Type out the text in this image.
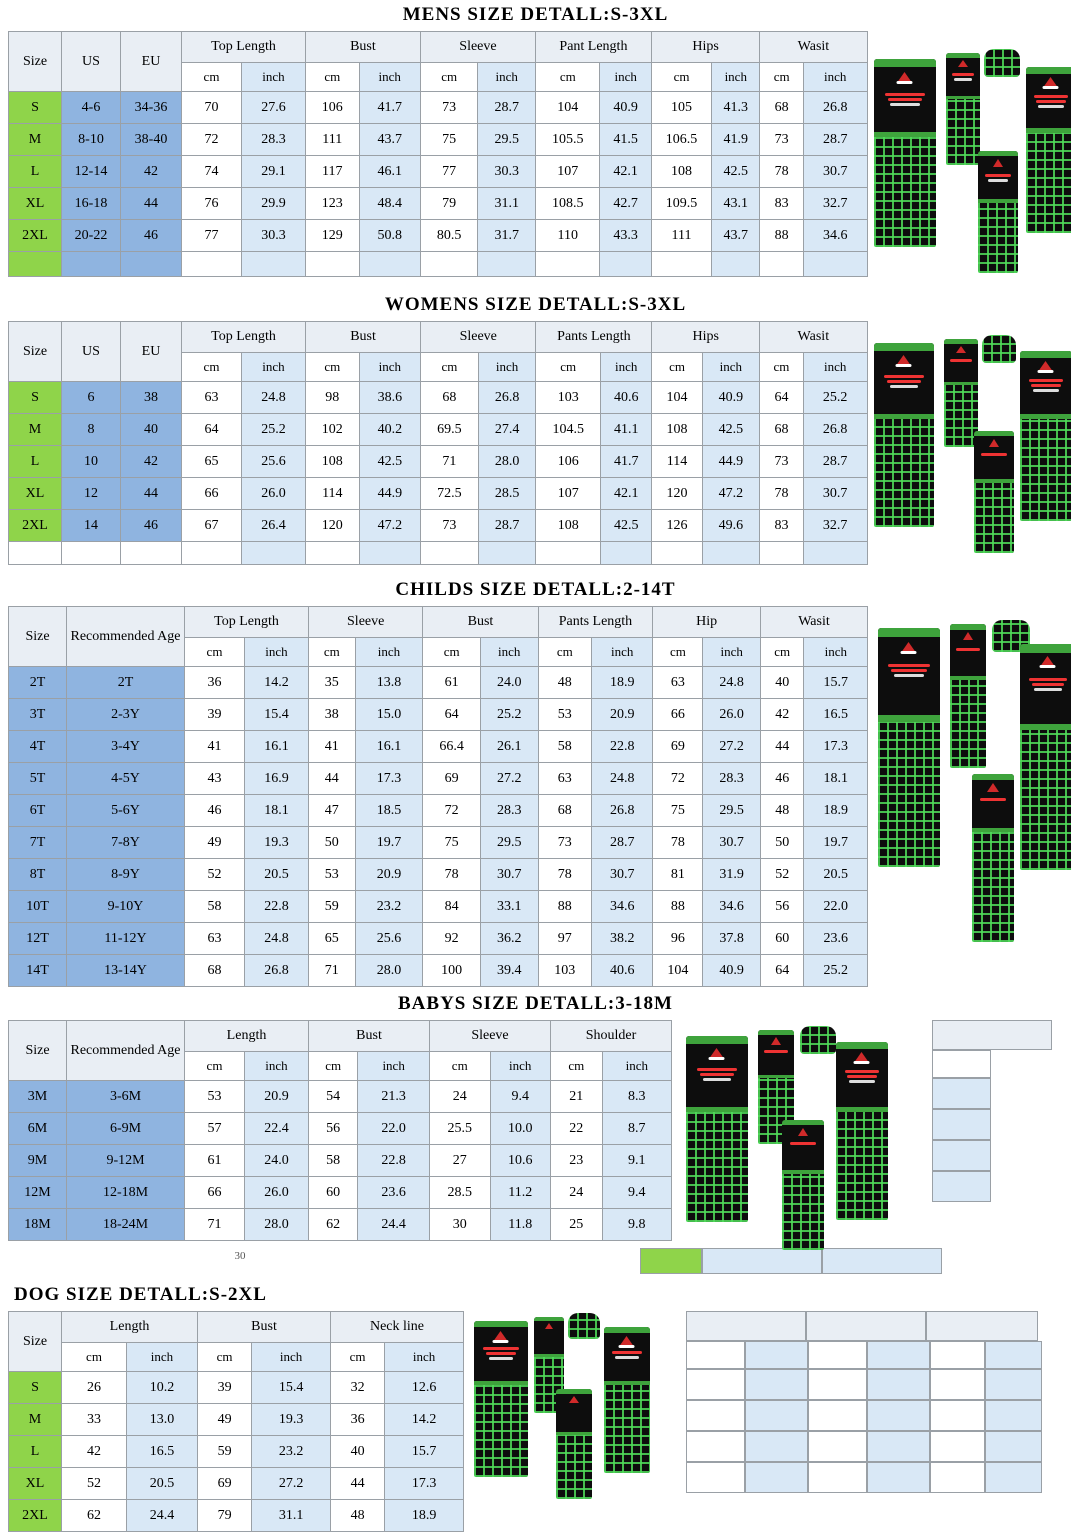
MENS SIZE DETALL:S-3XL
Size	US	EU	Top Length		Bust		Sleeve		Pant Length		Hips		Wasit	
			cm	inch	cm	inch	cm	inch	cm	inch	cm	inch	cm	inch
S	4-6	34-36	70	27.6	106	41.7	73	28.7	104	40.9	105	41.3	68	26.8
M	8-10	38-40	72	28.3	111	43.7	75	29.5	105.5	41.5	106.5	41.9	73	28.7
L	12-14	42	74	29.1	117	46.1	77	30.3	107	42.1	108	42.5	78	30.7
XL	16-18	44	76	29.9	123	48.4	79	31.1	108.5	42.7	109.5	43.1	83	32.7
2XL	20-22	46	77	30.3	129	50.8	80.5	31.7	110	43.3	111	43.7	88	34.6

WOMENS SIZE DETALL:S-3XL
Size	US	EU	Top Length		Bust		Sleeve		Pants Length		Hips		Wasit	
			cm	inch	cm	inch	cm	inch	cm	inch	cm	inch	cm	inch
S	6	38	63	24.8	98	38.6	68	26.8	103	40.6	104	40.9	64	25.2
M	8	40	64	25.2	102	40.2	69.5	27.4	104.5	41.1	108	42.5	68	26.8
L	10	42	65	25.6	108	42.5	71	28.0	106	41.7	114	44.9	73	28.7
XL	12	44	66	26.0	114	44.9	72.5	28.5	107	42.1	120	47.2	78	30.7
2XL	14	46	67	26.4	120	47.2	73	28.7	108	42.5	126	49.6	83	32.7

CHILDS SIZE DETALL:2-14T
Size	Recommended Age	Top Length		Sleeve		Bust		Pants Length		Hip		Wasit	
		cm	inch	cm	inch	cm	inch	cm	inch	cm	inch	cm	inch
2T	2T	36	14.2	35	13.8	61	24.0	48	18.9	63	24.8	40	15.7
3T	2-3Y	39	15.4	38	15.0	64	25.2	53	20.9	66	26.0	42	16.5
4T	3-4Y	41	16.1	41	16.1	66.4	26.1	58	22.8	69	27.2	44	17.3
5T	4-5Y	43	16.9	44	17.3	69	27.2	63	24.8	72	28.3	46	18.1
6T	5-6Y	46	18.1	47	18.5	72	28.3	68	26.8	75	29.5	48	18.9
7T	7-8Y	49	19.3	50	19.7	75	29.5	73	28.7	78	30.7	50	19.7
8T	8-9Y	52	20.5	53	20.9	78	30.7	78	30.7	81	31.9	52	20.5
10T	9-10Y	58	22.8	59	23.2	84	33.1	88	34.6	88	34.6	56	22.0
12T	11-12Y	63	24.8	65	25.6	92	36.2	97	38.2	96	37.8	60	23.6
14T	13-14Y	68	26.8	71	28.0	100	39.4	103	40.6	104	40.9	64	25.2
BABYS SIZE DETALL:3-18M
Size	Recommended Age	Length		Bust		Sleeve		Shoulder	
		cm	inch	cm	inch	cm	inch	cm	inch
3M	3-6M	53	20.9	54	21.3	24	9.4	21	8.3
6M	6-9M	57	22.4	56	22.0	25.5	10.0	22	8.7
9M	9-12M	61	24.0	58	22.8	27	10.6	23	9.1
12M	12-18M	66	26.0	60	23.6	28.5	11.2	24	9.4
18M	18-24M	71	28.0	62	24.4	30	11.8	25	9.8
30
DOG SIZE DETALL:S-2XL
Size	Length		Bust		Neck line	
	cm	inch	cm	inch	cm	inch
S	26	10.2	39	15.4	32	12.6
M	33	13.0	49	19.3	36	14.2
L	42	16.5	59	23.2	40	15.7
XL	52	20.5	69	27.2	44	17.3
2XL	62	24.4	79	31.1	48	18.9
